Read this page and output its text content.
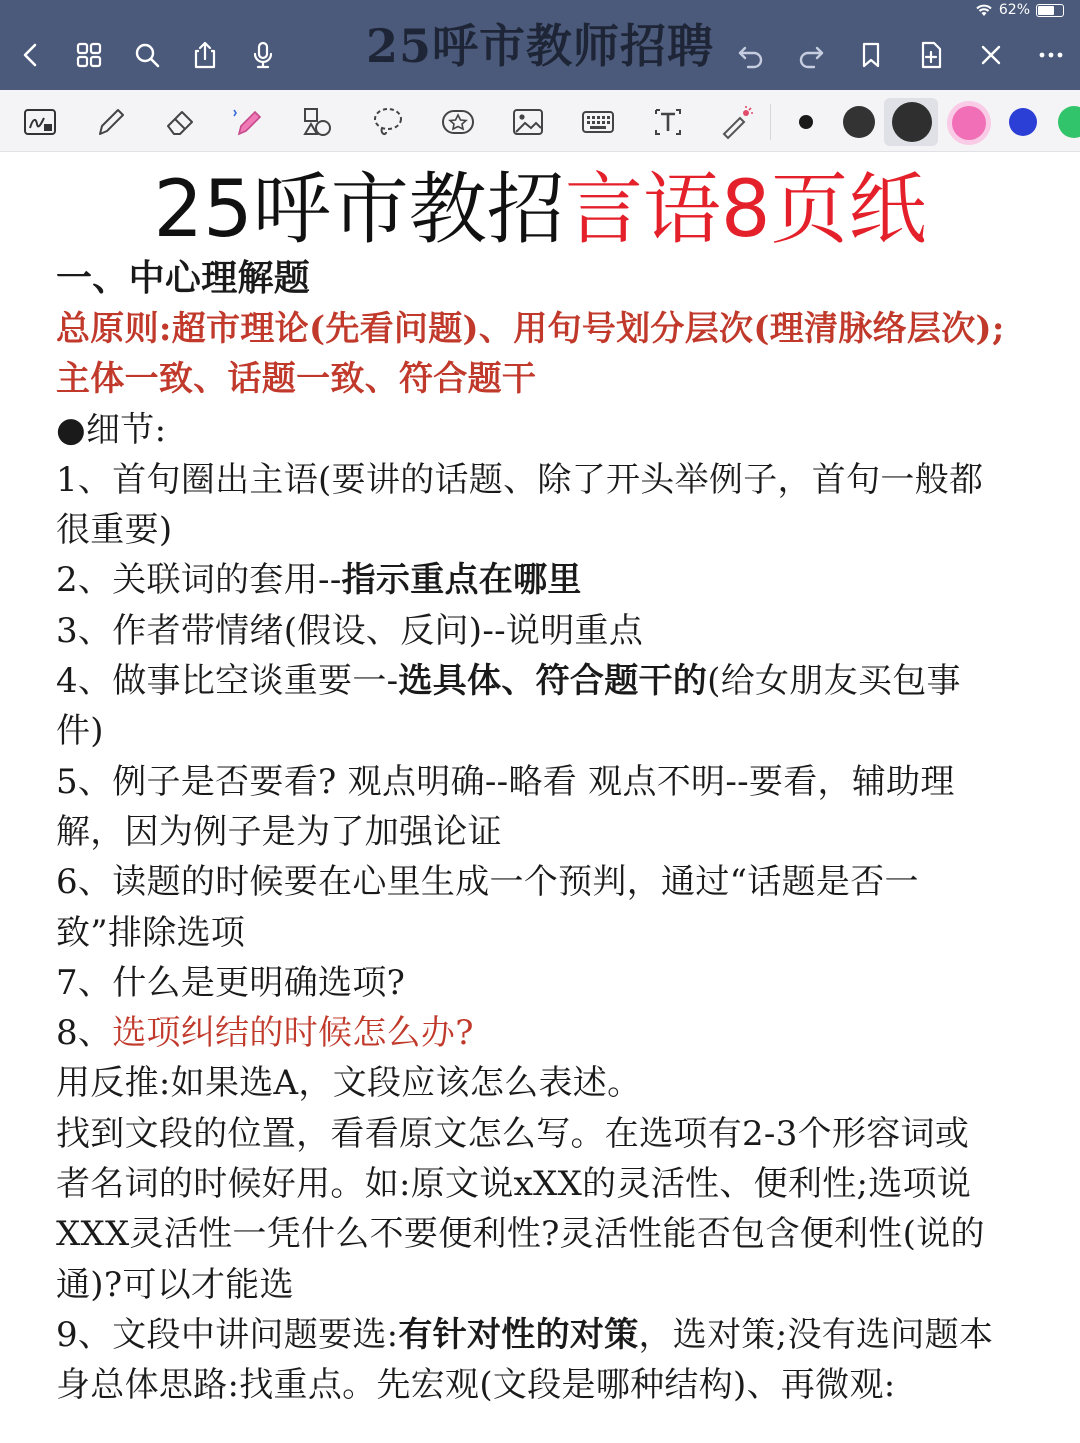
62%
25呼市教师招聘
25呼市教招言语8页纸
一、中心理解题
总原则:超市理论(先看问题)、用句号划分层次(理清脉络层次);
主体一致、话题一致、符合题干
●细节:
1、首句圈出主语(要讲的话题、除了开头举例子，首句一般都
很重要)
2、关联词的套用--指示重点在哪里
3、作者带情绪(假设、反问)--说明重点
4、做事比空谈重要一-选具体、符合题干的(给女朋友买包事
件)
5、例子是否要看? 观点明确--略看 观点不明--要看，辅助理
解，因为例子是为了加强论证
6、读题的时候要在心里生成一个预判，通过“话题是否一
致”排除选项
7、什么是更明确选项?
8、选项纠结的时候怎么办?
用反推:如果选A，文段应该怎么表述。
找到文段的位置，看看原文怎么写。在选项有2-3个形容词或
者名词的时候好用。如:原文说xXX的灵活性、便利性;选项说
XXX灵活性一凭什么不要便利性?灵活性能否包含便利性(说的
通)?可以才能选
9、文段中讲问题要选:有针对性的对策，选对策;没有选问题本
身总体思路:找重点。先宏观(文段是哪种结构)、再微观:
